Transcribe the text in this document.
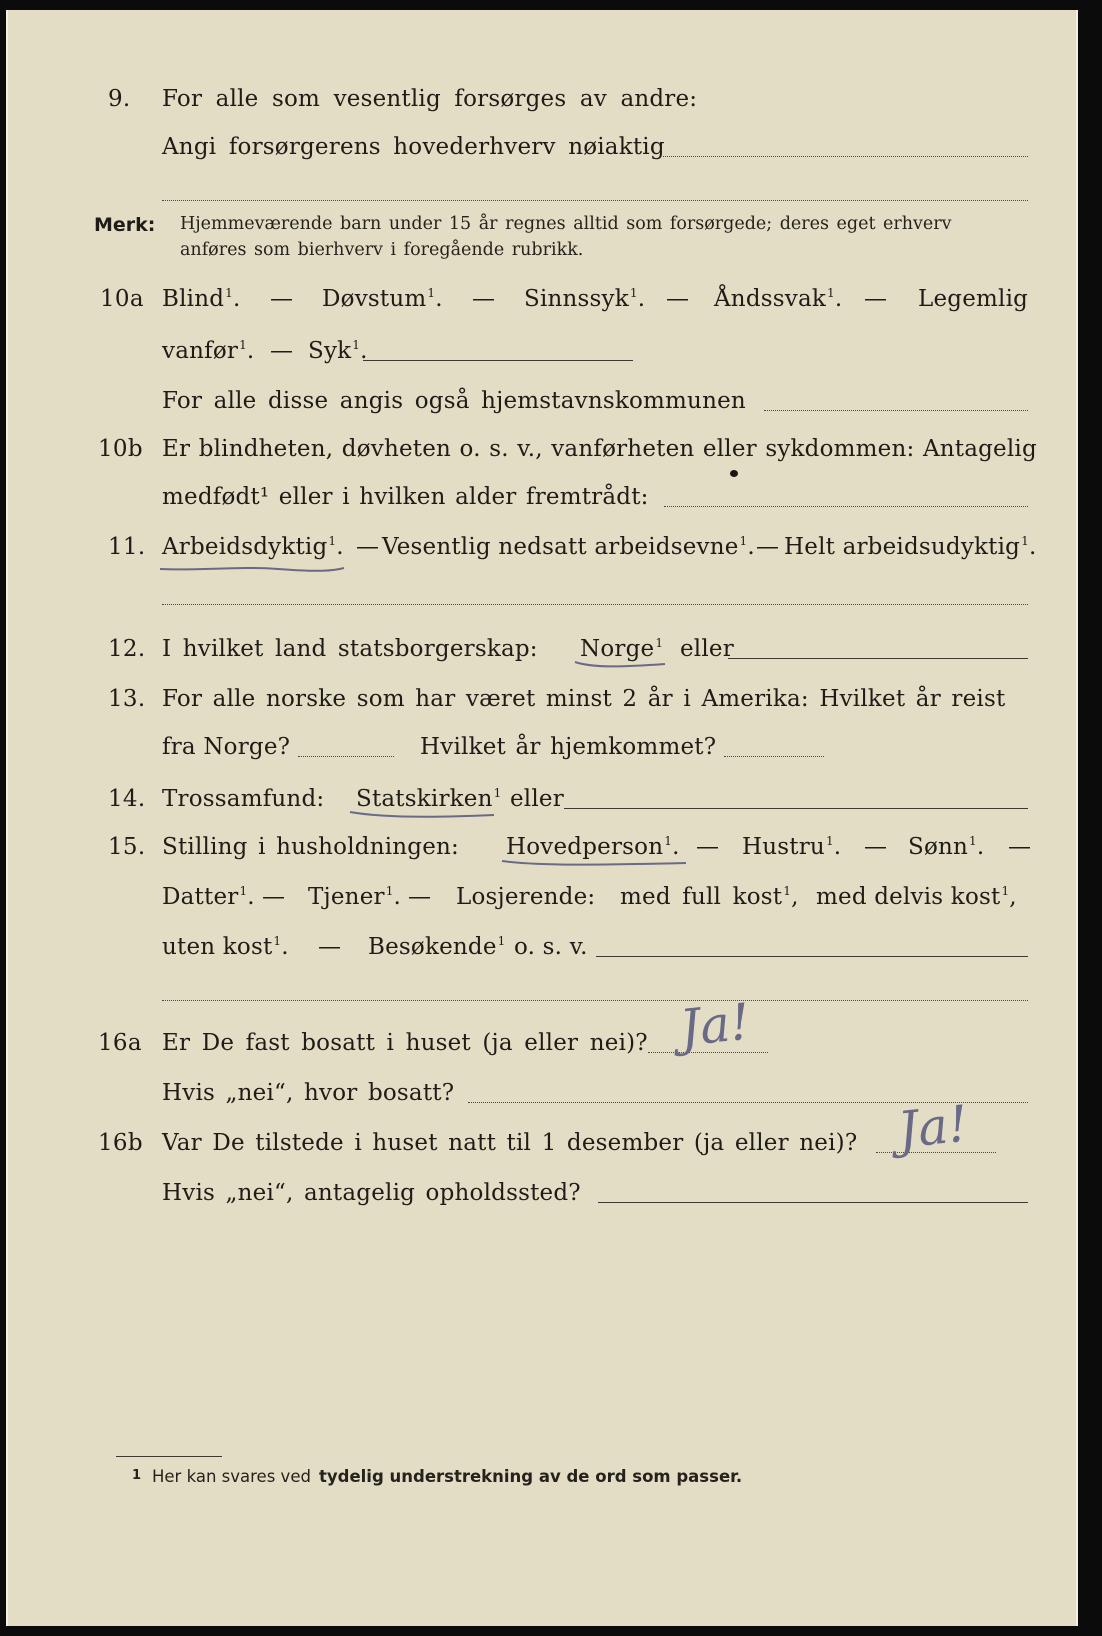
9. For alle som vesentlig forsørges av andre:
Angi forsørgerens hovederhverv nøiaktig
Merk: Hjemmeværende barn under 15 år regnes alltid som forsørgede; deres eget erhverv
anføres som bierhverv i foregående rubrikk.
10a Blind$^1$. — Døvstum$^1$. — Sinnssyk$^1$. — Åndssvak$^1$. — Legemlig
vanfør$^1$. — Syk$^1$.
For alle disse angis også hjemstavnskommunen
10b Er blindheten, døvheten o. s. v., vanførheten eller sykdommen: Antagelig
medfødt¹ eller i hvilken alder fremtrådt:
11. Arbeidsdyktig$^1$. — Vesentlig nedsatt arbeidsevne$^1$. — Helt arbeidsudyktig$^1$.
12. I hvilket land statsborgerskap: Norge$^1$ eller
13. For alle norske som har været minst 2 år i Amerika: Hvilket år reist
fra Norge?	Hvilket år hjemkommet?
14. Trossamfund: Statskirken$^1$ eller
15. Stilling i husholdningen: Hovedperson$^1$. — Hustru$^1$. — Sønn$^1$. —
Datter$^1$. — Tjener$^1$. — Losjerende: med full kost$^1$, med delvis kost$^1$,
uten kost$^1$. — Besøkende$^1$ o. s. v.
16a Er De fast bosatt i huset (ja eller nei)? Ja!
Hvis „nei“, hvor bosatt?
16b Var De tilstede i huset natt til 1 desember (ja eller nei)? Ja!
Hvis „nei“, antagelig opholdssted?
1 Her kan svares ved tydelig understrekning av de ord som passer.
